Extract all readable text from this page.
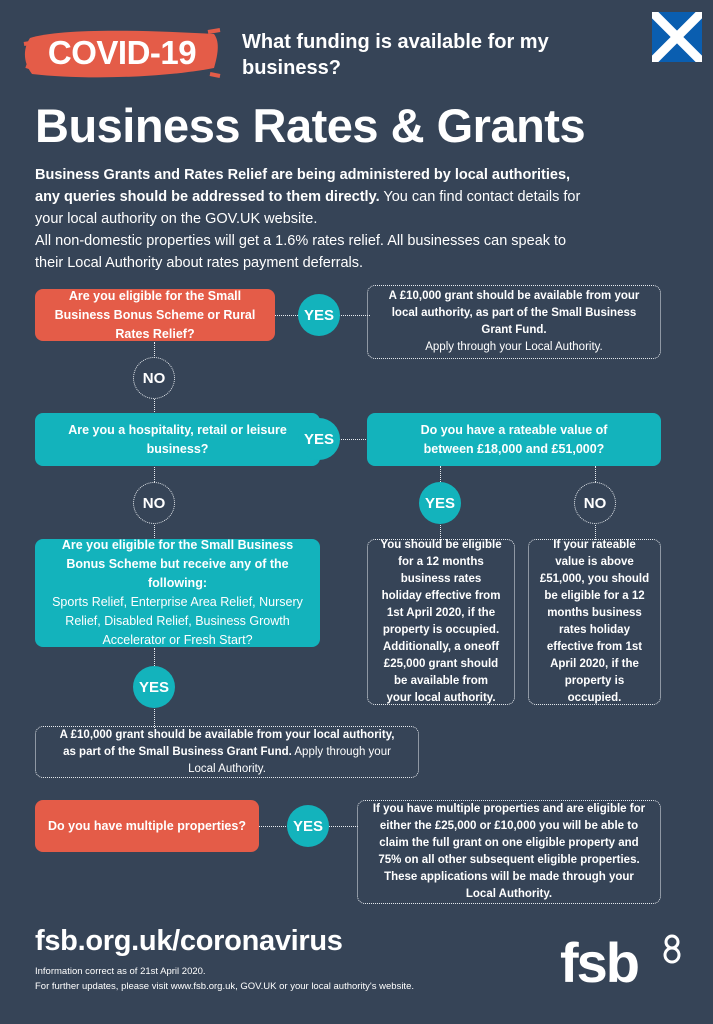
COVID-19	What funding is available for my business?
Business Rates & Grants
Business Grants and Rates Relief are being administered by local authorities, any queries should be addressed to them directly. You can find contact details for your local authority on the GOV.UK website.
All non-domestic properties will get a 1.6% rates relief. All businesses can speak to their Local Authority about rates payment deferrals.
Are you eligible for the Small Business Bonus Scheme or Rural Rates Relief?
YES
A £10,000 grant should be available from your local authority, as part of the Small Business Grant Fund.
Apply through your Local Authority.
NO
Are you a hospitality, retail or leisure business?
YES
Do you have a rateable value of between £18,000 and £51,000?
YES	NO
You should be eligible for a 12 months business rates holiday effective from 1st April 2020, if the property is occupied. Additionally, a oneoff £25,000 grant should be available from your local authority.
If your rateable value is above £51,000, you should be eligible for a 12 months business rates holiday effective from 1st April 2020, if the property is occupied.
NO
Are you eligible for the Small Business Bonus Scheme but receive any of the following:
Sports Relief, Enterprise Area Relief, Nursery Relief, Disabled Relief, Business Growth Accelerator or Fresh Start?
YES
A £10,000 grant should be available from your local authority, as part of the Small Business Grant Fund. Apply through your Local Authority.
Do you have multiple properties?	YES
If you have multiple properties and are eligible for either the £25,000 or £10,000 you will be able to claim the full grant on one eligible property and 75% on all other subsequent eligible properties. These applications will be made through your Local Authority.
fsb.org.uk/coronavirus
Information correct as of 21st April 2020.
For further updates, please visit www.fsb.org.uk, GOV.UK or your local authority's website.	fsb
